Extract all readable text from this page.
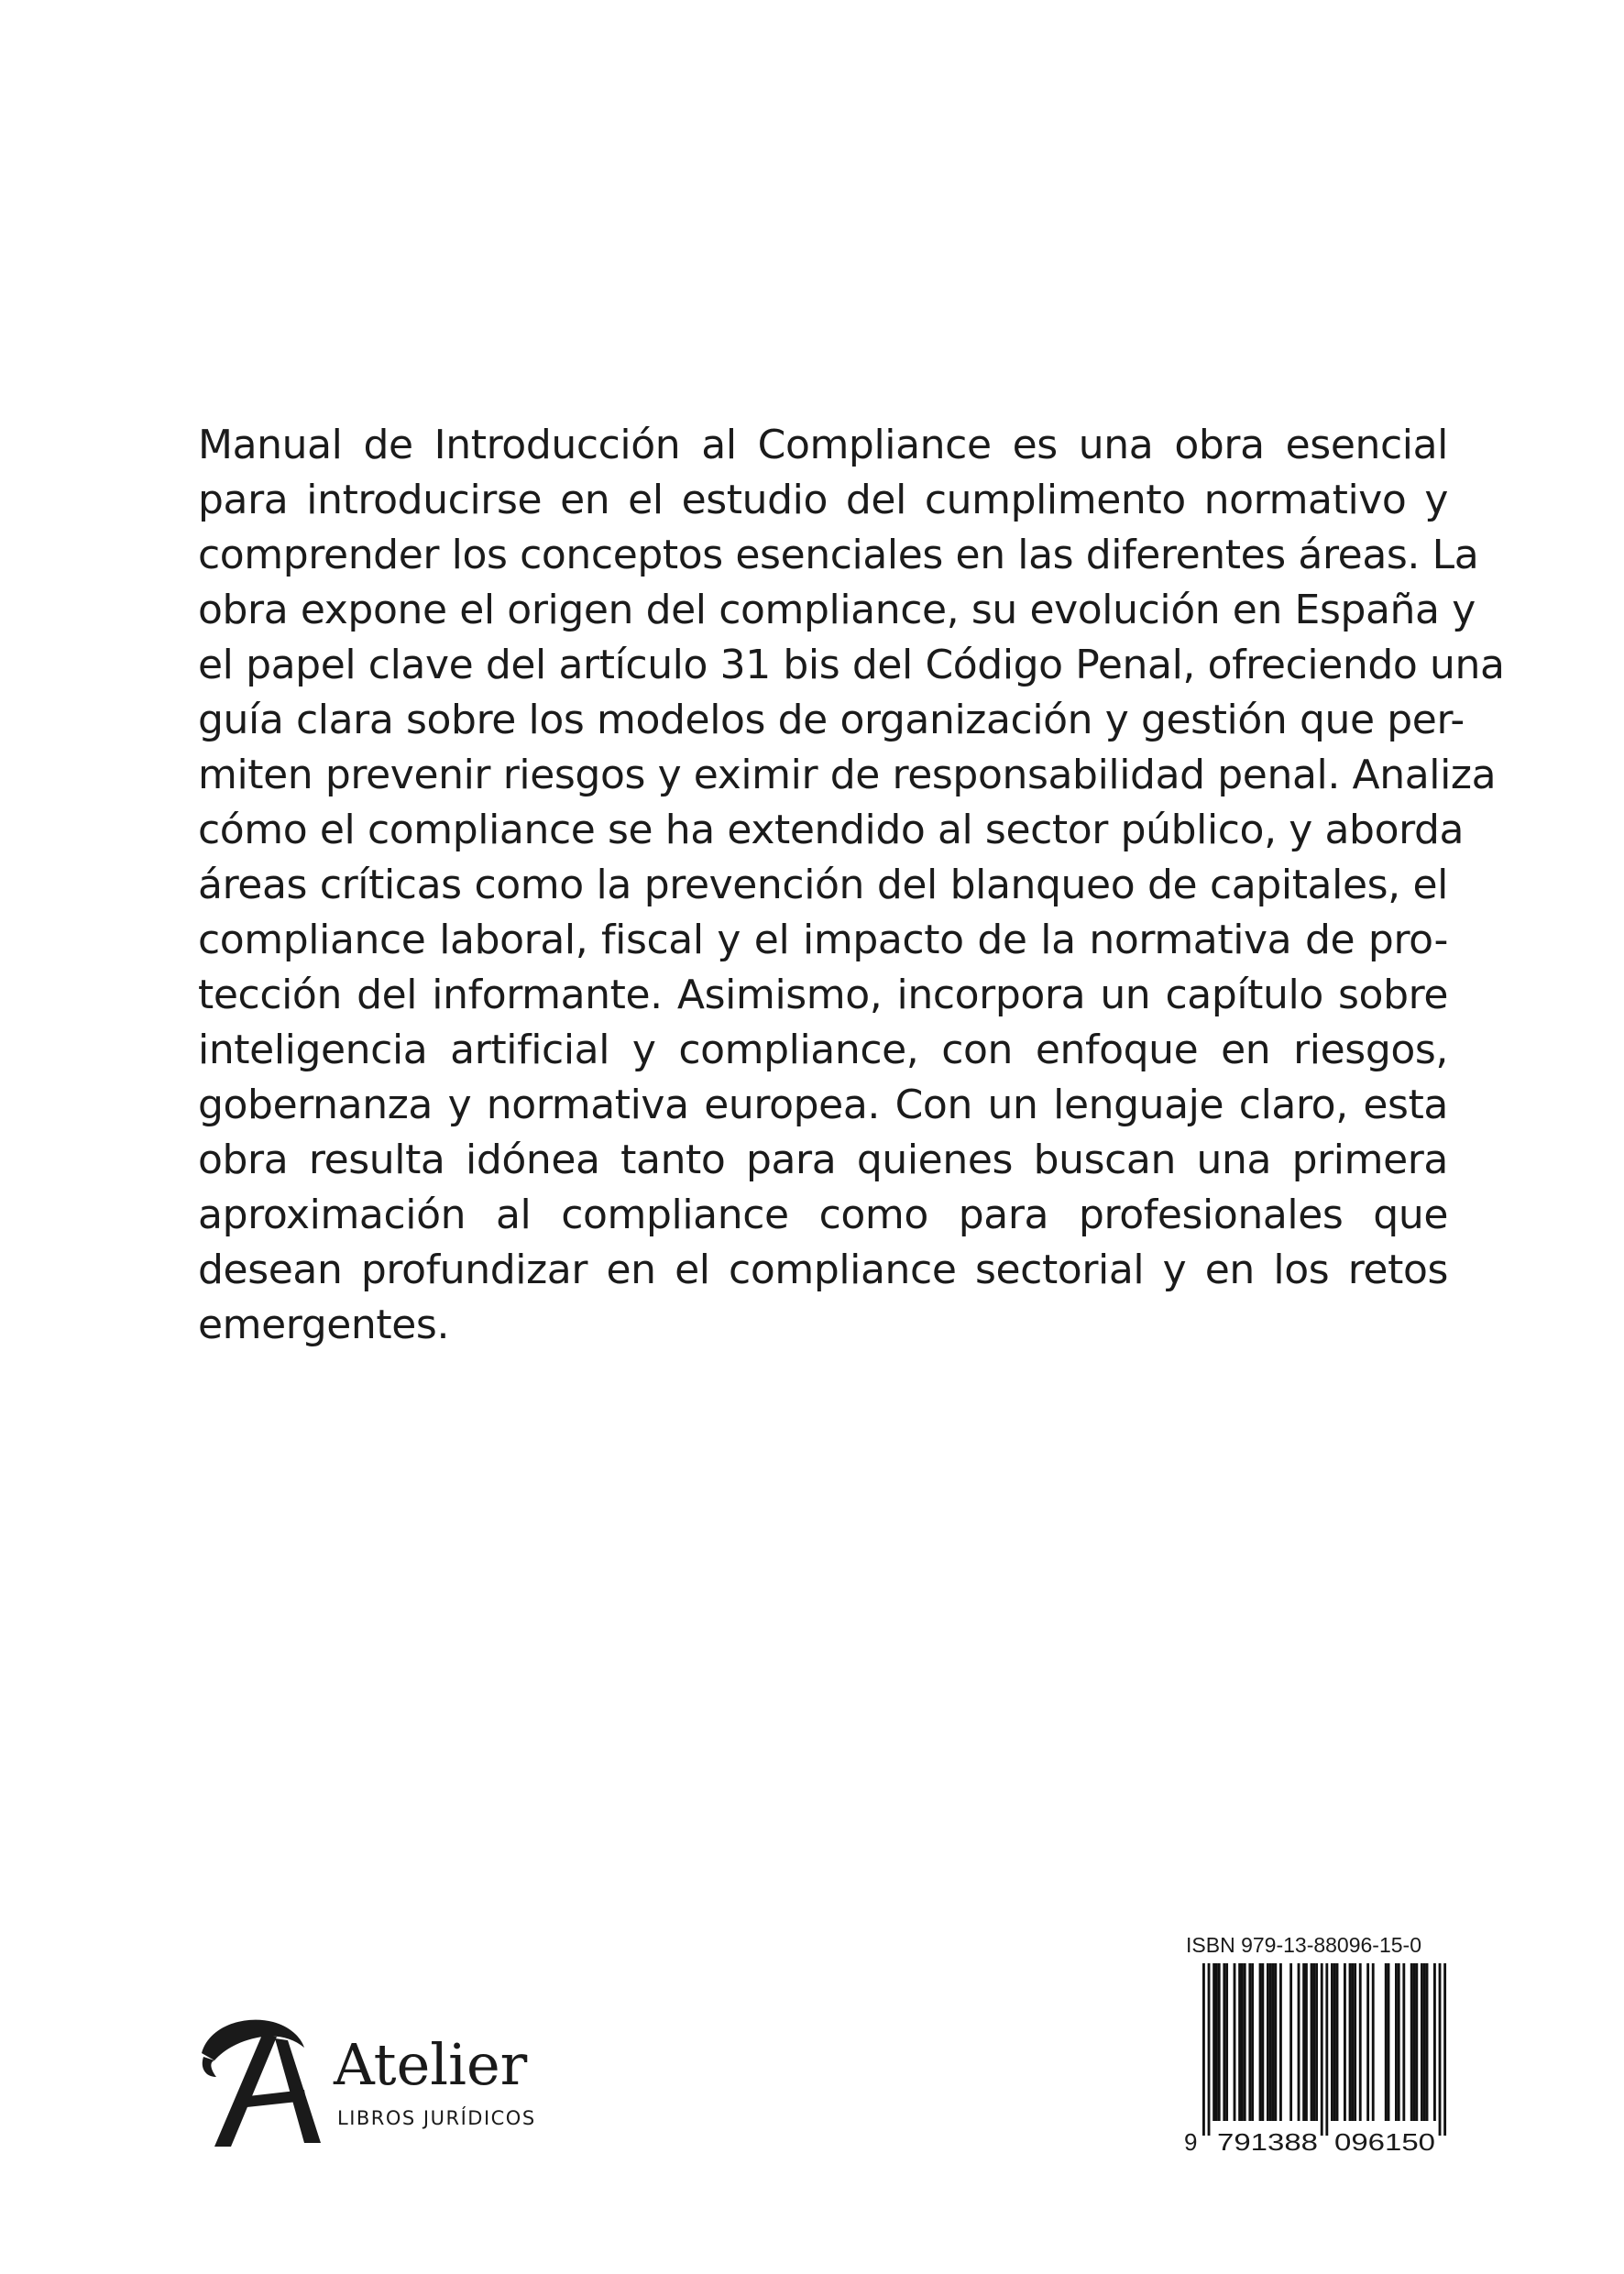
Manual de Introducción al Compliance es una obra esencial
para introducirse en el estudio del cumplimento normativo y
comprender los conceptos esenciales en las diferentes áreas. La
obra expone el origen del compliance, su evolución en España y
el papel clave del artículo 31 bis del Código Penal, ofreciendo una
guía clara sobre los modelos de organización y gestión que per-
miten prevenir riesgos y eximir de responsabilidad penal. Analiza
cómo el compliance se ha extendido al sector público, y aborda
áreas críticas como la prevención del blanqueo de capitales, el
compliance laboral, fiscal y el impacto de la normativa de pro-
tección del informante. Asimismo, incorpora un capítulo sobre
inteligencia artificial y compliance, con enfoque en riesgos,
gobernanza y normativa europea. Con un lenguaje claro, esta
obra resulta idónea tanto para quienes buscan una primera
aproximación al compliance como para profesionales que
desean profundizar en el compliance sectorial y en los retos
emergentes.
Atelier
LIBROS JURÍDICOS
ISBN 979-13-88096-15-0
9 791388 096150
